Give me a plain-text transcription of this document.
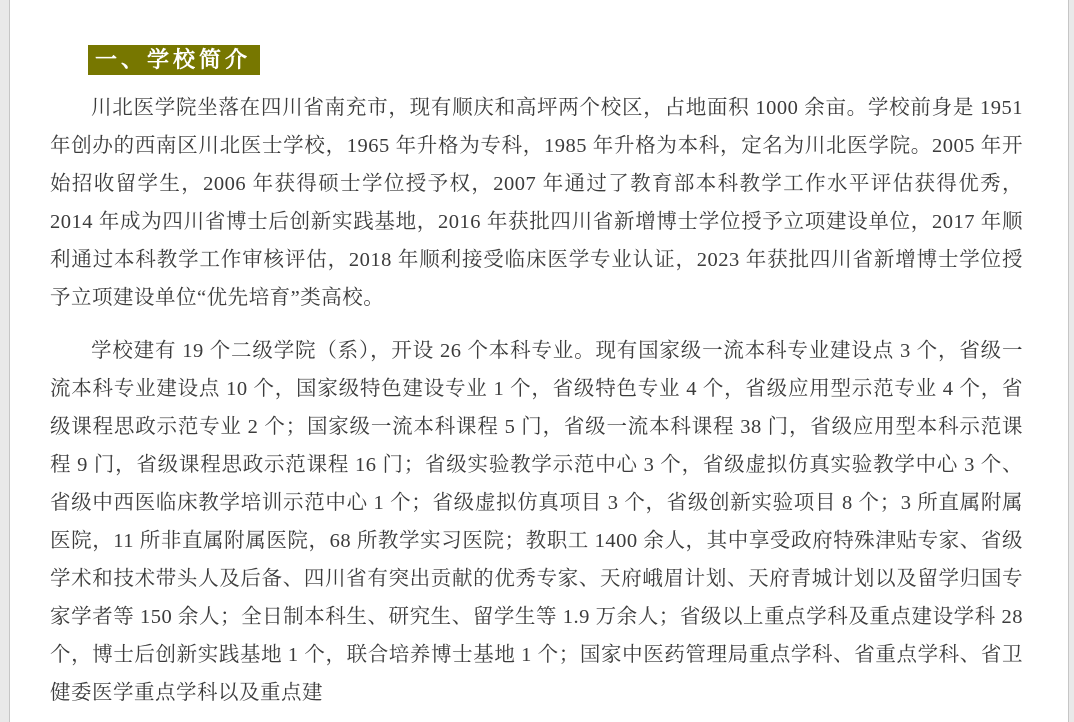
一、学校简介

川北医学院坐落在四川省南充市，现有顺庆和高坪两个校区，占地面积 1000 余亩。学校前身是 1951 年创办的西南区川北医士学校，1965 年升格为专科，1985 年升格为本科，定名为川北医学院。2005 年开始招收留学生，2006 年获得硕士学位授予权，2007 年通过了教育部本科教学工作水平评估获得优秀，2014 年成为四川省博士后创新实践基地，2016 年获批四川省新增博士学位授予立项建设单位，2017 年顺利通过本科教学工作审核评估，2018 年顺利接受临床医学专业认证，2023 年获批四川省新增博士学位授予立项建设单位“优先培育”类高校。

学校建有 19 个二级学院（系），开设 26 个本科专业。现有国家级一流本科专业建设点 3 个，省级一流本科专业建设点 10 个，国家级特色建设专业 1 个，省级特色专业 4 个，省级应用型示范专业 4 个，省级课程思政示范专业 2 个；国家级一流本科课程 5 门，省级一流本科课程 38 门，省级应用型本科示范课程 9 门，省级课程思政示范课程 16 门；省级实验教学示范中心 3 个，省级虚拟仿真实验教学中心 3 个、省级中西医临床教学培训示范中心 1 个；省级虚拟仿真项目 3 个，省级创新实验项目 8 个；3 所直属附属医院，11 所非直属附属医院，68 所教学实习医院；教职工 1400 余人，其中享受政府特殊津贴专家、省级学术和技术带头人及后备、四川省有突出贡献的优秀专家、天府峨眉计划、天府青城计划以及留学归国专家学者等 150 余人；全日制本科生、研究生、留学生等 1.9 万余人；省级以上重点学科及重点建设学科 28 个，博士后创新实践基地 1 个，联合培养博士基地 1 个；国家中医药管理局重点学科、省重点学科、省卫健委医学重点学科以及重点建
